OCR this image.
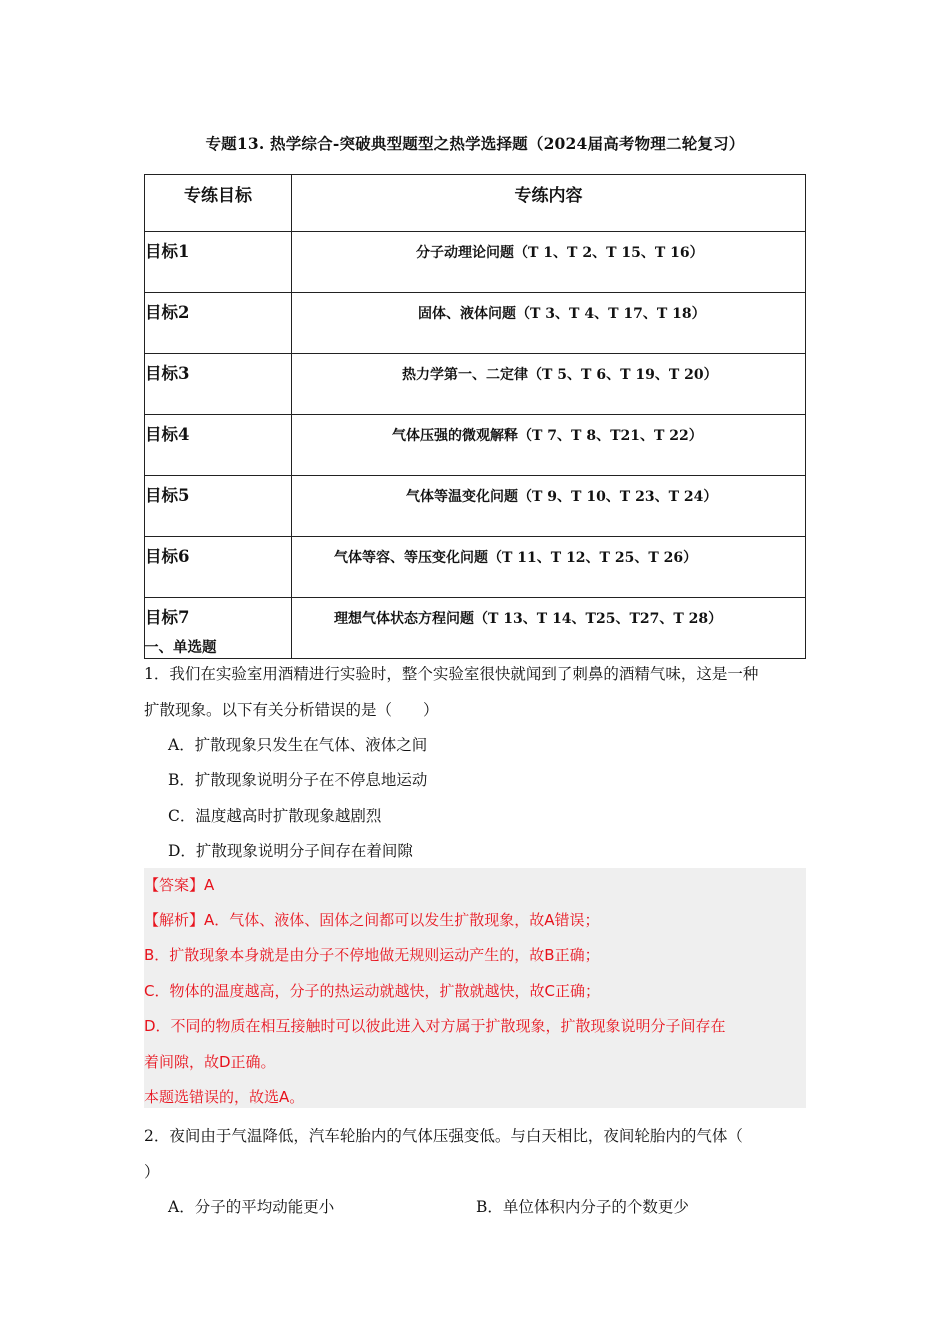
专题13. 热学综合-突破典型题型之热学选择题（2024届高考物理二轮复习）
专练目标	专练内容
目标1	分子动理论问题（T 1、T 2、T 15、T 16）
目标2	固体、液体问题（T 3、T 4、T 17、T 18）
目标3	热力学第一、二定律（T 5、T 6、T 19、T 20）
目标4	气体压强的微观解释（T 7、T 8、T21、T 22）
目标5	气体等温变化问题（T 9、T 10、T 23、T 24）
目标6	气体等容、等压变化问题（T 11、T 12、T 25、T 26）
目标7	理想气体状态方程问题（T 13、T 14、T25、T27、T 28）
一、单选题
1．我们在实验室用酒精进行实验时，整个实验室很快就闻到了刺鼻的酒精气味，这是一种
扩散现象。以下有关分析错误的是（　　）
A．扩散现象只发生在气体、液体之间
B．扩散现象说明分子在不停息地运动
C．温度越高时扩散现象越剧烈
D．扩散现象说明分子间存在着间隙
【答案】A
【解析】A．气体、液体、固体之间都可以发生扩散现象，故A错误；
B．扩散现象本身就是由分子不停地做无规则运动产生的，故B正确；
C．物体的温度越高，分子的热运动就越快，扩散就越快，故C正确；
D．不同的物质在相互接触时可以彼此进入对方属于扩散现象，扩散现象说明分子间存在
着间隙，故D正确。
本题选错误的，故选A。
2．夜间由于气温降低，汽车轮胎内的气体压强变低。与白天相比，夜间轮胎内的气体（
）
A．分子的平均动能更小	B．单位体积内分子的个数更少
